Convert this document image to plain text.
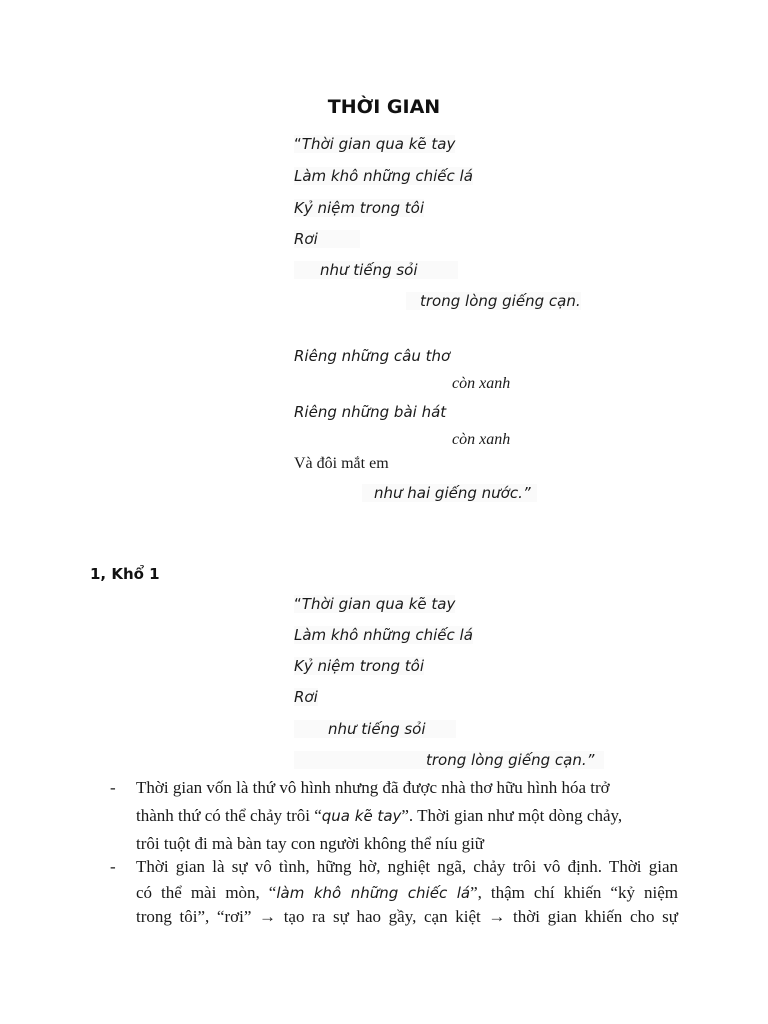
THỜI GIAN
“Thời gian qua kẽ tay
Làm khô những chiếc lá
Kỷ niệm trong tôi
Rơi
như tiếng sỏi
trong lòng giếng cạn.
Riêng những câu thơ
còn xanh
Riêng những bài hát
còn xanh
Và đôi mắt em
như hai giếng nước.”
1, Khổ 1
“Thời gian qua kẽ tay
Làm khô những chiếc lá
Kỷ niệm trong tôi
Rơi
như tiếng sỏi
trong lòng giếng cạn.”
- Thời gian vốn là thứ vô hình nhưng đã được nhà thơ hữu hình hóa trở
thành thứ có thể chảy trôi “qua kẽ tay”. Thời gian như một dòng chảy,
trôi tuột đi mà bàn tay con người không thể níu giữ
- Thời gian là sự vô tình, hững hờ, nghiệt ngã, chảy trôi vô định. Thời gian
có thể mài mòn, “làm khô những chiếc lá”, thậm chí khiến “kỷ niệm
trong tôi”, “rơi” → tạo ra sự hao gầy, cạn kiệt → thời gian khiến cho sự
